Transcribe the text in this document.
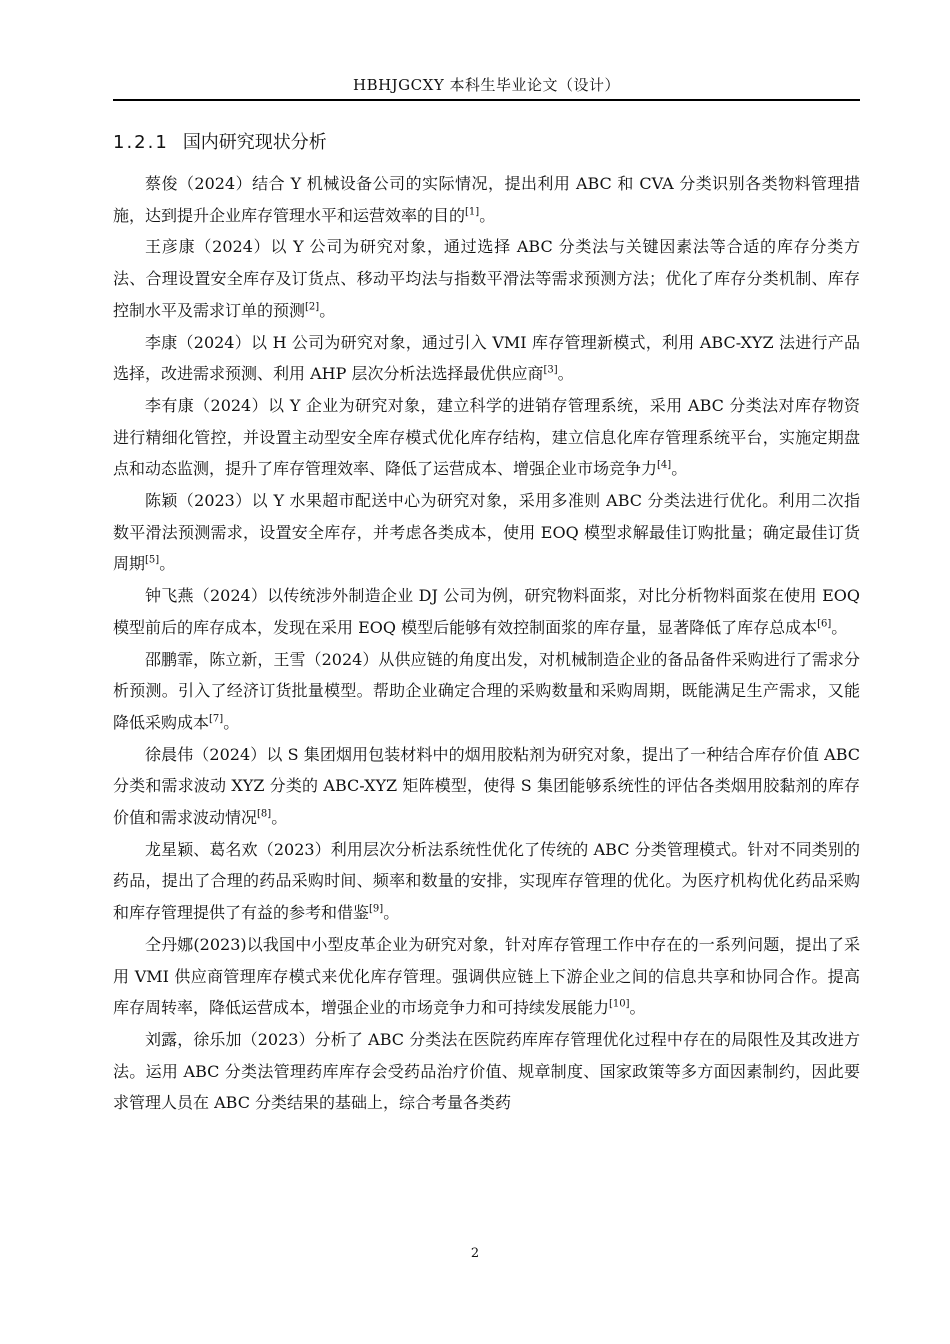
HBHJGCXY 本科生毕业论文（设计）
1.2.1 国内研究现状分析

蔡俊（2024）结合 Y 机械设备公司的实际情况，提出利用 ABC 和 CVA 分类识别各类物料管理措施，达到提升企业库存管理水平和运营效率的目的[1]。

王彦康（2024）以 Y 公司为研究对象，通过选择 ABC 分类法与关键因素法等合适的库存分类方法、合理设置安全库存及订货点、移动平均法与指数平滑法等需求预测方法；优化了库存分类机制、库存控制水平及需求订单的预测[2]。

李康（2024）以 H 公司为研究对象，通过引入 VMI 库存管理新模式，利用 ABC-XYZ 法进行产品选择，改进需求预测、利用 AHP 层次分析法选择最优供应商[3]。

李有康（2024）以 Y 企业为研究对象，建立科学的进销存管理系统，采用 ABC 分类法对库存物资进行精细化管控，并设置主动型安全库存模式优化库存结构，建立信息化库存管理系统平台，实施定期盘点和动态监测，提升了库存管理效率、降低了运营成本、增强企业市场竞争力[4]。

陈颖（2023）以 Y 水果超市配送中心为研究对象，采用多准则 ABC 分类法进行优化。利用二次指数平滑法预测需求，设置安全库存，并考虑各类成本，使用 EOQ 模型求解最佳订购批量；确定最佳订货周期[5]。

钟飞燕（2024）以传统涉外制造企业 DJ 公司为例，研究物料面浆，对比分析物料面浆在使用 EOQ 模型前后的库存成本，发现在采用 EOQ 模型后能够有效控制面浆的库存量，显著降低了库存总成本[6]。

邵鹏霏，陈立新，王雪（2024）从供应链的角度出发，对机械制造企业的备品备件采购进行了需求分析预测。引入了经济订货批量模型。帮助企业确定合理的采购数量和采购周期，既能满足生产需求，又能降低采购成本[7]。

徐晨伟（2024）以 S 集团烟用包装材料中的烟用胶粘剂为研究对象，提出了一种结合库存价值 ABC 分类和需求波动 XYZ 分类的 ABC-XYZ 矩阵模型，使得 S 集团能够系统性的评估各类烟用胶黏剂的库存价值和需求波动情况[8]。

龙星颖、葛名欢（2023）利用层次分析法系统性优化了传统的 ABC 分类管理模式。针对不同类别的药品，提出了合理的药品采购时间、频率和数量的安排，实现库存管理的优化。为医疗机构优化药品采购和库存管理提供了有益的参考和借鉴[9]。

仝丹娜(2023)以我国中小型皮革企业为研究对象，针对库存管理工作中存在的一系列问题，提出了采用 VMI 供应商管理库存模式来优化库存管理。强调供应链上下游企业之间的信息共享和协同合作。提高库存周转率，降低运营成本，增强企业的市场竞争力和可持续发展能力[10]。

刘露，徐乐加（2023）分析了 ABC 分类法在医院药库库存管理优化过程中存在的局限性及其改进方法。运用 ABC 分类法管理药库库存会受药品治疗价值、规章制度、国家政策等多方面因素制约，因此要求管理人员在 ABC 分类结果的基础上，综合考量各类药

2
